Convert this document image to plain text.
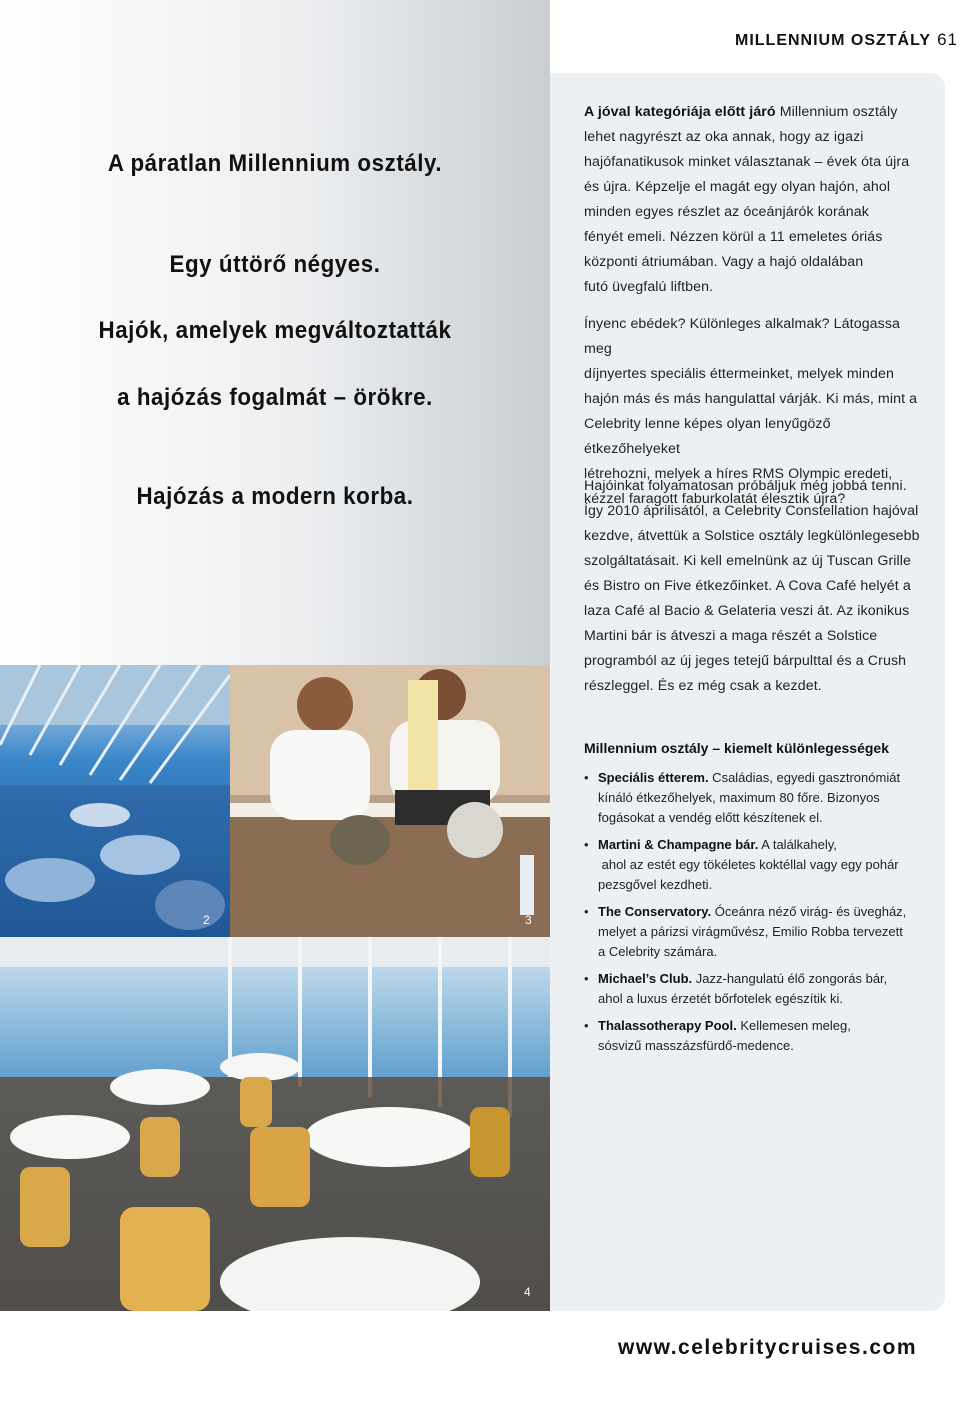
MILLENNIUM OSZTÁLY 61
A páratlan Millennium osztály.
Egy úttörő négyes.
Hajók, amelyek megváltoztatták
a hajózás fogalmát – örökre.
Hajózás a modern korba.
A jóval kategóriája előtt járó Millennium osztály
lehet nagyrészt az oka annak, hogy az igazi
hajófanatikusok minket választanak – évek óta újra
és újra. Képzelje el magát egy olyan hajón, ahol
minden egyes részlet az óceánjárók korának
fényét emeli. Nézzen körül a 11 emeletes óriás
központi átriumában. Vagy a hajó oldalában
futó üvegfalú liftben.
Ínyenc ebédek? Különleges alkalmak? Látogassa meg
díjnyertes speciális éttermeinket, melyek minden
hajón más és más hangulattal várják. Ki más, mint a
Celebrity lenne képes olyan lenyűgöző étkezőhelyeket
létrehozni, melyek a híres RMS Olympic eredeti,
kézzel faragott faburkolatát élesztik újra?
Hajóinkat folyamatosan próbáljuk még jobbá tenni.
Így 2010 áprilisától, a Celebrity Constellation hajóval
kezdve, átvettük a Solstice osztály legkülönlegesebb
szolgáltatásait. Ki kell emelnünk az új Tuscan Grille
és Bistro on Five étkezőinket. A Cova Café helyét a
laza Café al Bacio & Gelateria veszi át. Az ikonikus
Martini bár is átveszi a maga részét a Solstice
programból az új jeges tetejű bárpulttal és a Crush
részleggel. És ez még csak a kezdet.
Millennium osztály – kiemelt különlegességek
• Speciális étterem. Családias, egyedi gasztronómiát
kínáló étkezőhelyek, maximum 80 főre. Bizonyos
fogásokat a vendég előtt készítenek el.
• Martini & Champagne bár. A találkahely,
ahol az estét egy tökéletes koktéllal vagy egy pohár
pezsgővel kezdheti.
• The Conservatory. Óceánra néző virág- és üvegház,
melyet a párizsi virágművész, Emilio Robba tervezett
a Celebrity számára.
• Michael’s Club. Jazz-hangulatú élő zongorás bár,
ahol a luxus érzetét bőrfotelek egészítik ki.
• Thalassotherapy Pool. Kellemesen meleg,
sósvizű masszázsfürdő-medence.
2	3
4
www.celebritycruises.com
